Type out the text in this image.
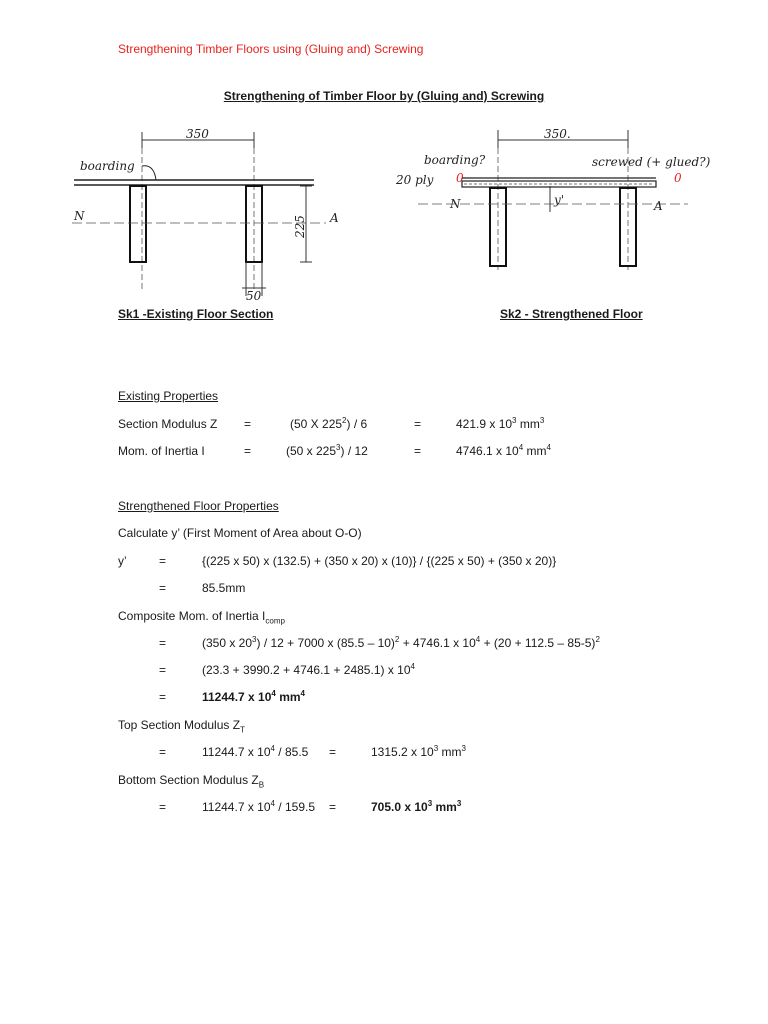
Strengthening Timber Floors using (Gluing and) Screwing
Strengthening of Timber Floor by (Gluing and) Screwing
350
boarding
N	A
225
50
350.
boarding?	screwed (+ glued?)
20 ply 0	0
N	A
y'
Sk1 -Existing Floor Section	Sk2 - Strengthened Floor
Existing Properties
Section Modulus Z =	(50 X $225^2) / 6$	=	421.9 x $10^3$ $mm^3$
Mom. of Inertia I	=	(50 x $225^3) / 12$	=	4746.1 x $10^4$ $mm^4$
Strengthened Floor Properties
Calculate y’ (First Moment of Area about O-O)
y’	=	{(225 x 50) x (132.5) + (350 x 20) x (10)} / {(225 x 50) + (350 x 20)}
=	85.5mm
Composite Mom. of Inertia $I_{comp}$
=	(350 x $20^3) / 12 + 7000$ x (85.5 – 10)$^2$ + 4746.1 x $10^4 + (20 + 112.5 - 85-5)^2$
=	(23.3 + 3990.2 + 4746.1 + 2485.1) x $10^4$
=	11244.7 x $10^4$ $mm^4$
Top Section Modulus $Z_T$
=	11244.7 x $10^4 / 85.5$ =	1315.2 x $10^3$ $mm^3$
Bottom Section Modulus $Z_B$
=	11244.7 x $10^4 / 159.5$ =	705.0 x $10^3$ $mm^3$
